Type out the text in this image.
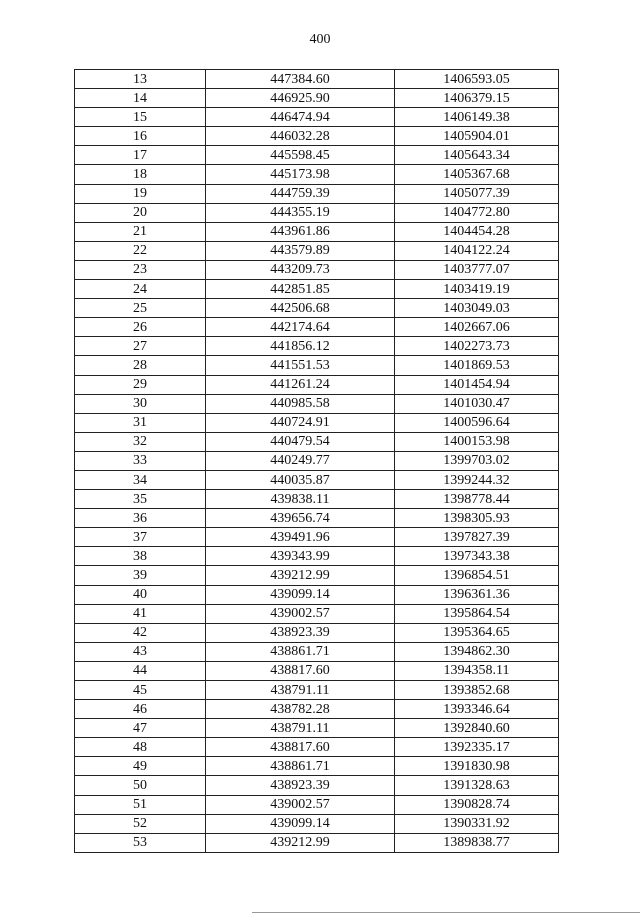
400
13	447384.60	1406593.05
14	446925.90	1406379.15
15	446474.94	1406149.38
16	446032.28	1405904.01
17	445598.45	1405643.34
18	445173.98	1405367.68
19	444759.39	1405077.39
20	444355.19	1404772.80
21	443961.86	1404454.28
22	443579.89	1404122.24
23	443209.73	1403777.07
24	442851.85	1403419.19
25	442506.68	1403049.03
26	442174.64	1402667.06
27	441856.12	1402273.73
28	441551.53	1401869.53
29	441261.24	1401454.94
30	440985.58	1401030.47
31	440724.91	1400596.64
32	440479.54	1400153.98
33	440249.77	1399703.02
34	440035.87	1399244.32
35	439838.11	1398778.44
36	439656.74	1398305.93
37	439491.96	1397827.39
38	439343.99	1397343.38
39	439212.99	1396854.51
40	439099.14	1396361.36
41	439002.57	1395864.54
42	438923.39	1395364.65
43	438861.71	1394862.30
44	438817.60	1394358.11
45	438791.11	1393852.68
46	438782.28	1393346.64
47	438791.11	1392840.60
48	438817.60	1392335.17
49	438861.71	1391830.98
50	438923.39	1391328.63
51	439002.57	1390828.74
52	439099.14	1390331.92
53	439212.99	1389838.77
